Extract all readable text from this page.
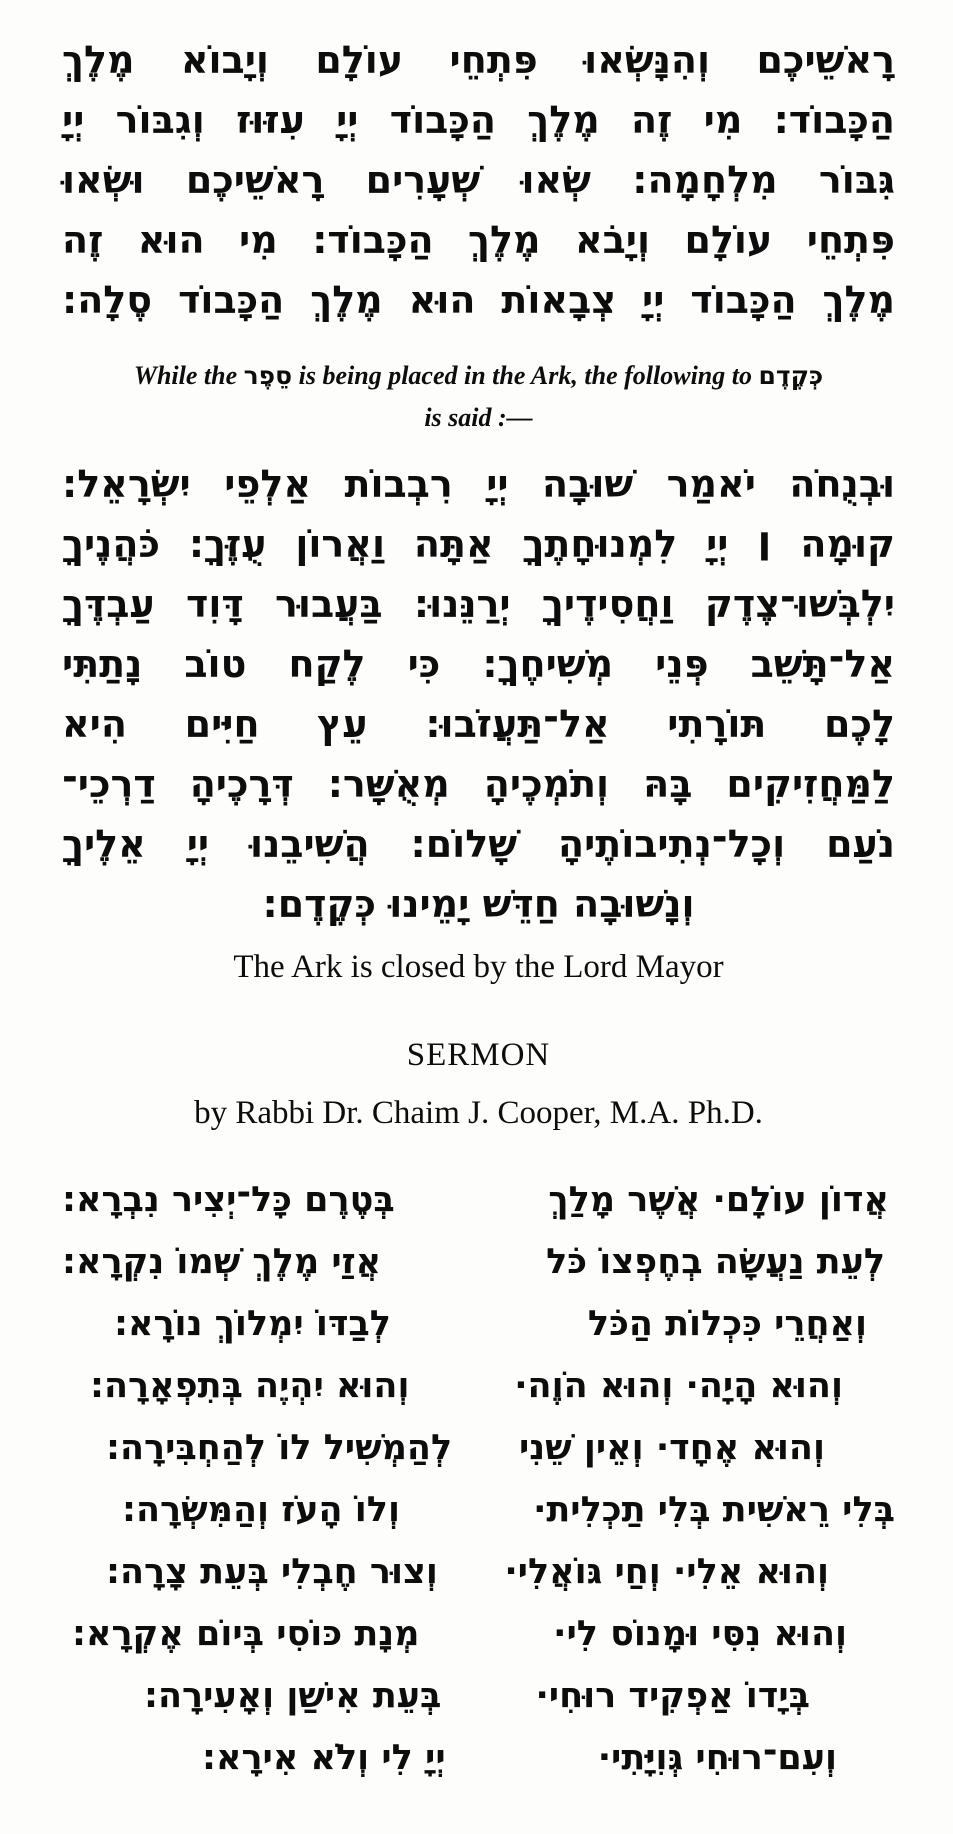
רָאשֵׁיכֶם וְהִנָּשְׂאוּ פִּתְחֵי עוֹלָם וְיָבוֹא מֶלֶךְ
הַכָּבוֹד: מִי זֶה מֶלֶךְ הַכָּבוֹד יְיָ עִזּוּז וְגִבּוֹר יְיָ
גִּבּוֹר מִלְחָמָה: שְׂאוּ שְׁעָרִים רָאשֵׁיכֶם וּשְׂאוּ
פִּתְחֵי עוֹלָם וְיָבֹא מֶלֶךְ הַכָּבוֹד: מִי הוּא זֶה
מֶלֶךְ הַכָּבוֹד יְיָ צְבָאוֹת הוּא מֶלֶךְ הַכָּבוֹד סֶלָה:
While the סֵפֶר is being placed in the Ark, the following to כְּקֶדֶם
is said :—
וּבְנֻחֹה יֹאמַר שׁוּבָה יְיָ רִבְבוֹת אַלְפֵי יִשְׂרָאֵל:
קוּמָה ׀ יְיָ לִמְנוּחָתֶךָ אַתָּה וַאֲרוֹן עֻזֶּךָ: כֹּהֲנֶיךָ
יִלְבְּשׁוּ־צֶדֶק וַחֲסִידֶיךָ יְרַנֵּנוּ: בַּעֲבוּר דָּוִד עַבְדֶּךָ
אַל־תָּשֵׁב פְּנֵי מְשִׁיחֶךָ: כִּי לֶקַח טוֹב נָתַתִּי
לָכֶם תּוֹרָתִי אַל־תַּעֲזֹבוּ: עֵץ חַיִּים הִיא
לַמַּחֲזִיקִים בָּהּ וְתֹמְכֶיהָ מְאֻשָּׁר: דְּרָכֶיהָ דַרְכֵי־
נֹעַם וְכָל־נְתִיבוֹתֶיהָ שָׁלוֹם: הֲשִׁיבֵנוּ יְיָ אֵלֶיךָ
וְנָשׁוּבָה חַדֵּשׁ יָמֵינוּ כְּקֶדֶם:
The Ark is closed by the Lord Mayor
SERMON
by Rabbi Dr. Chaim J. Cooper, M.A. Ph.D.
אֲדוֹן עוֹלָם· אֲשֶׁר מָלַךְ
בְּטֶרֶם כָּל־יְצִיר נִבְרָא:
לְעֵת נַעֲשָׂה בְחֶפְצוֹ כֹּל
אֲזַי מֶלֶךְ שְׁמוֹ נִקְרָא:
וְאַחֲרֵי כִּכְלוֹת הַכֹּל
לְבַדּוֹ יִמְלוֹךְ נוֹרָא:
וְהוּא הָיָה· וְהוּא הֹוֶה·
וְהוּא יִהְיֶה בְּתִפְאָרָה:
וְהוּא אֶחָד· וְאֵין שֵׁנִי
לְהַמְשִׁיל לוֹ לְהַחְבִּירָה:
בְּלִי רֵאשִׁית בְּלִי תַכְלִית·
וְלוֹ הָעֹז וְהַמִּשְׂרָה:
וְהוּא אֵלִי· וְחַי גּוֹאֲלִי·
וְצוּר חֶבְלִי בְּעֵת צָרָה:
וְהוּא נִסִּי וּמָנוֹס לִי·
מְנָת כּוֹסִי בְּיוֹם אֶקְרָא:
בְּיָדוֹ אַפְקִיד רוּחִי·
בְּעֵת אִישַׁן וְאָעִירָה:
וְעִם־רוּחִי גְּוִיָּתִי·
יְיָ לִי וְלֹא אִירָא:
